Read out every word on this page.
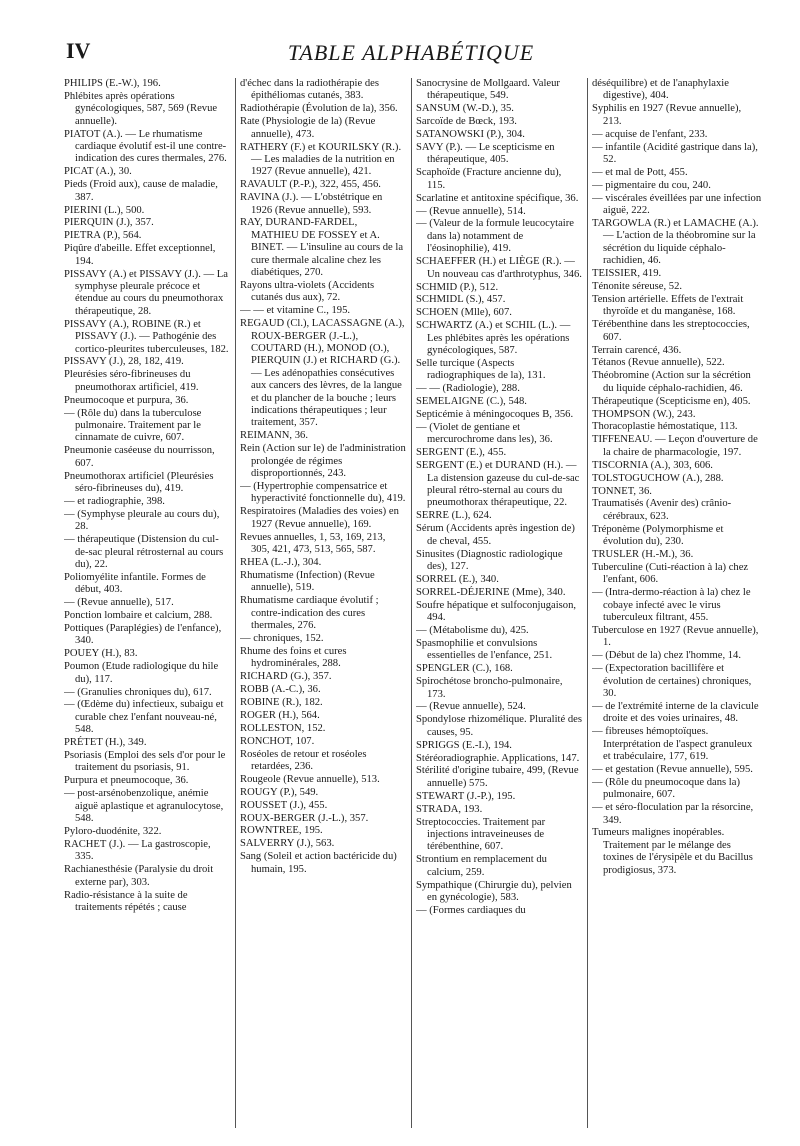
IV	TABLE ALPHABÉTIQUE
PHILIPS (E.-W.), 196.
Phlébites après opérations gynécologiques, 587, 569 (Revue annuelle).
PIATOT (A.). — Le rhumatisme cardiaque évolutif est-il une contre-indication des cures thermales, 276.
PICAT (A.), 30.
Pieds (Froid aux), cause de maladie, 387.
PIERINI (L.), 500.
PIERQUIN (J.), 357.
PIETRA (P.), 564.
Piqûre d'abeille. Effet exceptionnel, 194.
PISSAVY (A.) et PISSAVY (J.). — La symphyse pleurale précoce et étendue au cours du pneumothorax thérapeutique, 28.
PISSAVY (A.), ROBINE (R.) et PISSAVY (J.). — Pathogénie des cortico-pleurites tuberculeuses, 182.
PISSAVY (J.), 28, 182, 419.
Pleurésies séro-fibrineuses du pneumothorax artificiel, 419.
Pneumocoque et purpura, 36.
— (Rôle du) dans la tuberculose pulmonaire. Traitement par le cinnamate de cuivre, 607.
Pneumonie caséeuse du nourrisson, 607.
Pneumothorax artificiel (Pleurésies séro-fibrineuses du), 419.
— et radiographie, 398.
— (Symphyse pleurale au cours du), 28.
— thérapeutique (Distension du cul-de-sac pleural rétrosternal au cours du), 22.
Poliomyélite infantile. Formes de début, 403.
— (Revue annuelle), 517.
Ponction lombaire et calcium, 288.
Pottiques (Paraplégies) de l'enfance), 340.
POUEY (H.), 83.
Poumon (Etude radiologique du hile du), 117.
— (Granulies chroniques du), 617.
— (Œdème du) infectieux, subaigu et curable chez l'enfant nouveau-né, 548.
PRÉTET (H.), 349.
Psoriasis (Emploi des sels d'or pour le traitement du psoriasis, 91.
Purpura et pneumocoque, 36.
— post-arsénobenzolique, anémie aiguë aplastique et agranulocytose, 548.
Pyloro-duodénite, 322.
RACHET (J.). — La gastroscopie, 335.
Rachianesthésie (Paralysie du droit externe par), 303.
Radio-résistance à la suite de traitements répétés ; cause
d'échec dans la radiothérapie des épithéliomas cutanés, 383.
Radiothérapie (Évolution de la), 356.
Rate (Physiologie de la) (Revue annuelle), 473.
RATHERY (F.) et KOURILSKY (R.). — Les maladies de la nutrition en 1927 (Revue annuelle), 421.
RAVAULT (P.-P.), 322, 455, 456.
RAVINA (J.). — L'obstétrique en 1926 (Revue annuelle), 593.
RAY, DURAND-FARDEL, MATHIEU DE FOSSEY et A. BINET. — L'insuline au cours de la cure thermale alcaline chez les diabétiques, 270.
Rayons ultra-violets (Accidents cutanés dus aux), 72.
— — et vitamine C., 195.
REGAUD (Cl.), LACASSAGNE (A.), ROUX-BERGER (J.-L.), COUTARD (H.), MONOD (O.), PIERQUIN (J.) et RICHARD (G.). — Les adénopathies consécutives aux cancers des lèvres, de la langue et du plancher de la bouche ; leurs indications thérapeutiques ; leur traitement, 357.
REIMANN, 36.
Rein (Action sur le) de l'administration prolongée de régimes disproportionnés, 243.
— (Hypertrophie compensatrice et hyperactivité fonctionnelle du), 419.
Respiratoires (Maladies des voies) en 1927 (Revue annuelle), 169.
Revues annuelles, 1, 53, 169, 213, 305, 421, 473, 513, 565, 587.
RHEA (L.-J.), 304.
Rhumatisme (Infection) (Revue annuelle), 519.
Rhumatisme cardiaque évolutif ; contre-indication des cures thermales, 276.
— chroniques, 152.
Rhume des foins et cures hydrominérales, 288.
RICHARD (G.), 357.
ROBB (A.-C.), 36.
ROBINE (R.), 182.
ROGER (H.), 564.
ROLLESTON, 152.
RONCHOT, 107.
Roséoles de retour et roséoles retardées, 236.
Rougeole (Revue annuelle), 513.
ROUGY (P.), 549.
ROUSSET (J.), 455.
ROUX-BERGER (J.-L.), 357.
ROWNTREE, 195.
SALVERRY (J.), 563.
Sang (Soleil et action bactéricide du) humain, 195.
Sanocrysine de Mollgaard. Valeur thérapeutique, 549.
SANSUM (W.-D.), 35.
Sarcoïde de Bœck, 193.
SATANOWSKI (P.), 304.
SAVY (P.). — Le scepticisme en thérapeutique, 405.
Scaphoïde (Fracture ancienne du), 115.
Scarlatine et antitoxine spécifique, 36.
— (Revue annuelle), 514.
— (Valeur de la formule leucocytaire dans la) notamment de l'éosinophilie), 419.
SCHAEFFER (H.) et LIÈGE (R.). — Un nouveau cas d'arthrotyphus, 346.
SCHMID (P.), 512.
SCHMIDL (S.), 457.
SCHOEN (Mlle), 607.
SCHWARTZ (A.) et SCHIL (L.). — Les phlébites après les opérations gynécologiques, 587.
Selle turcique (Aspects radiographiques de la), 131.
— — (Radiologie), 288.
SEMELAIGNE (C.), 548.
Septicémie à méningocoques B, 356.
— (Violet de gentiane et mercurochrome dans les), 36.
SERGENT (E.), 455.
SERGENT (E.) et DURAND (H.). — La distension gazeuse du cul-de-sac pleural rétro-sternal au cours du pneumothorax thérapeutique, 22.
SERRE (L.), 624.
Sérum (Accidents après ingestion de) de cheval, 455.
Sinusites (Diagnostic radiologique des), 127.
SORREL (E.), 340.
SORREL-DÉJERINE (Mme), 340.
Soufre hépatique et sulfoconjugaison, 494.
— (Métabolisme du), 425.
Spasmophilie et convulsions essentielles de l'enfance, 251.
SPENGLER (C.), 168.
Spirochétose broncho-pulmonaire, 173.
— (Revue annuelle), 524.
Spondylose rhizomélique. Pluralité des causes, 95.
SPRIGGS (E.-I.), 194.
Stéréoradiographie. Applications, 147.
Stérilité d'origine tubaire, 499, (Revue annuelle) 575.
STEWART (J.-P.), 195.
STRADA, 193.
Streptococcies. Traitement par injections intraveineuses de térébenthine, 607.
Strontium en remplacement du calcium, 259.
Sympathique (Chirurgie du), pelvien en gynécologie), 583.
— (Formes cardiaques du
déséquilibre) et de l'anaphylaxie digestive), 404.
Syphilis en 1927 (Revue annuelle), 213.
— acquise de l'enfant, 233.
— infantile (Acidité gastrique dans la), 52.
— et mal de Pott, 455.
— pigmentaire du cou, 240.
— viscérales éveillées par une infection aiguë, 222.
TARGOWLA (R.) et LAMACHE (A.). — L'action de la théobromine sur la sécrétion du liquide céphalo-rachidien, 46.
TEISSIER, 419.
Ténonite séreuse, 52.
Tension artérielle. Effets de l'extrait thyroïde et du manganèse, 168.
Térébenthine dans les streptococcies, 607.
Terrain carencé, 436.
Tétanos (Revue annuelle), 522.
Théobromine (Action sur la sécrétion du liquide céphalo-rachidien, 46.
Thérapeutique (Scepticisme en), 405.
THOMPSON (W.), 243.
Thoracoplastie hémostatique, 113.
TIFFENEAU. — Leçon d'ouverture de la chaire de pharmacologie, 197.
TISCORNIA (A.), 303, 606.
TOLSTOGUCHOW (A.), 288.
TONNET, 36.
Traumatisés (Avenir des) crânio-cérébraux, 623.
Tréponème (Polymorphisme et évolution du), 230.
TRUSLER (H.-M.), 36.
Tuberculine (Cuti-réaction à la) chez l'enfant, 606.
— (Intra-dermo-réaction à la) chez le cobaye infecté avec le virus tuberculeux filtrant, 455.
Tuberculose en 1927 (Revue annuelle), 1.
— (Début de la) chez l'homme, 14.
— (Expectoration bacillifère et évolution de certaines) chroniques, 30.
— de l'extrémité interne de la clavicule droite et des voies urinaires, 48.
— fibreuses hémoptoïques. Interprétation de l'aspect granuleux et trabéculaire, 177, 619.
— et gestation (Revue annuelle), 595.
— (Rôle du pneumocoque dans la) pulmonaire, 607.
— et séro-floculation par la résorcine, 349.
Tumeurs malignes inopérables. Traitement par le mélange des toxines de l'érysipèle et du Bacillus prodigiosus, 373.
